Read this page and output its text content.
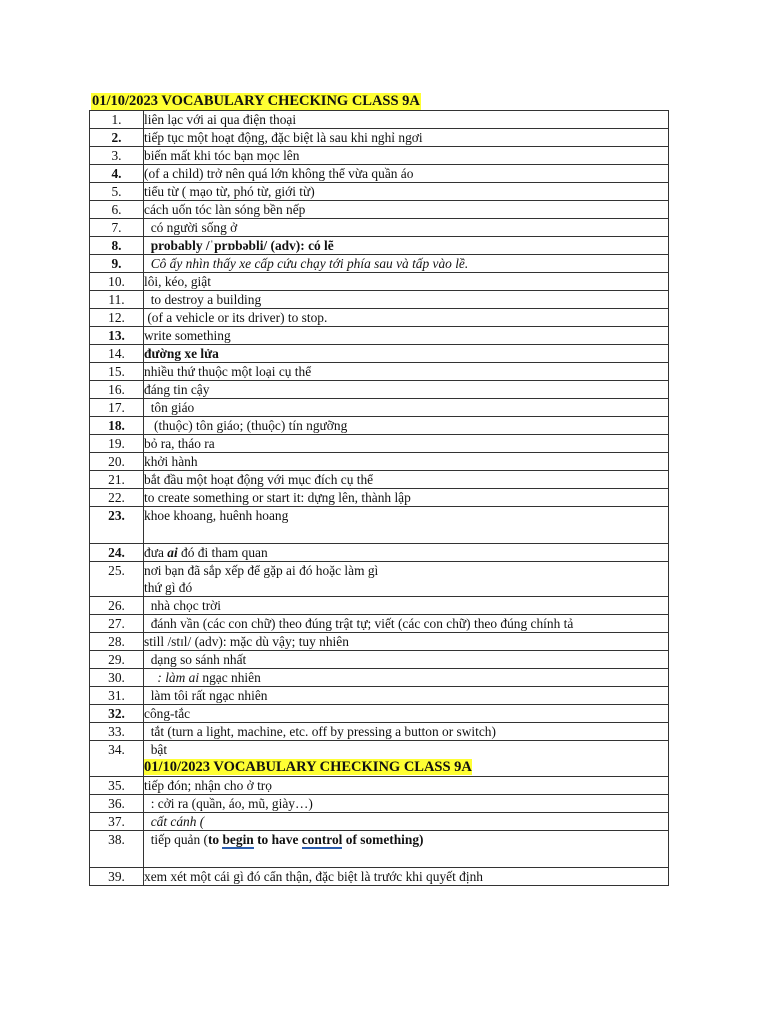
01/10/2023 VOCABULARY CHECKING CLASS 9A
1.	liên lạc với ai qua điện thoại
2.	tiếp tục một hoạt động, đặc biệt là sau khi nghỉ ngơi
3.	biến mất khi tóc bạn mọc lên
4.	(of a child) trở nên quá lớn không thể vừa quần áo
5.	tiểu từ ( mạo từ, phó từ, giới từ)
6.	cách uốn tóc làn sóng bền nếp
7.	có người sống ở
8.	probably /ˈprɒbəbli/ (adv): có lẽ
9.	Cô ấy nhìn thấy xe cấp cứu chạy tới phía sau và tấp vào lề.
10.	lôi, kéo, giật
11.	to destroy a building
12.	(of a vehicle or its driver) to stop.
13.	write something
14.	đường xe lửa
15.	nhiều thứ thuộc một loại cụ thể
16.	đáng tin cậy
17.	tôn giáo
18.	(thuộc) tôn giáo; (thuộc) tín ngưỡng
19.	bỏ ra, tháo ra
20.	khởi hành
21.	bắt đầu một hoạt động với mục đích cụ thể
22.	to create something or start it: dựng lên, thành lập
23.	khoe khoang, huênh hoang
24.	đưa ai đó đi tham quan
25.	nơi bạn đã sắp xếp để gặp ai đó hoặc làm gì
thứ gì đó

26.	nhà chọc trời
27.	đánh vần (các con chữ) theo đúng trật tự; viết (các con chữ) theo đúng chính tả
28.	still /stɪl/ (adv): mặc dù vậy; tuy nhiên
29.	dạng so sánh nhất
30.	: làm ai ngạc nhiên
31.	làm tôi rất ngạc nhiên
32.	công-tắc
33.	tắt (turn a light, machine, etc. off by pressing a button or switch)
34.	bật
01/10/2023 VOCABULARY CHECKING CLASS 9A
35.	tiếp đón; nhận cho ở trọ
36.	: cởi ra (quần, áo, mũ, giày…)
37.	cất cánh (
38.	tiếp quản (to begin to have control of something)
39.	xem xét một cái gì đó cẩn thận, đặc biệt là trước khi quyết định
